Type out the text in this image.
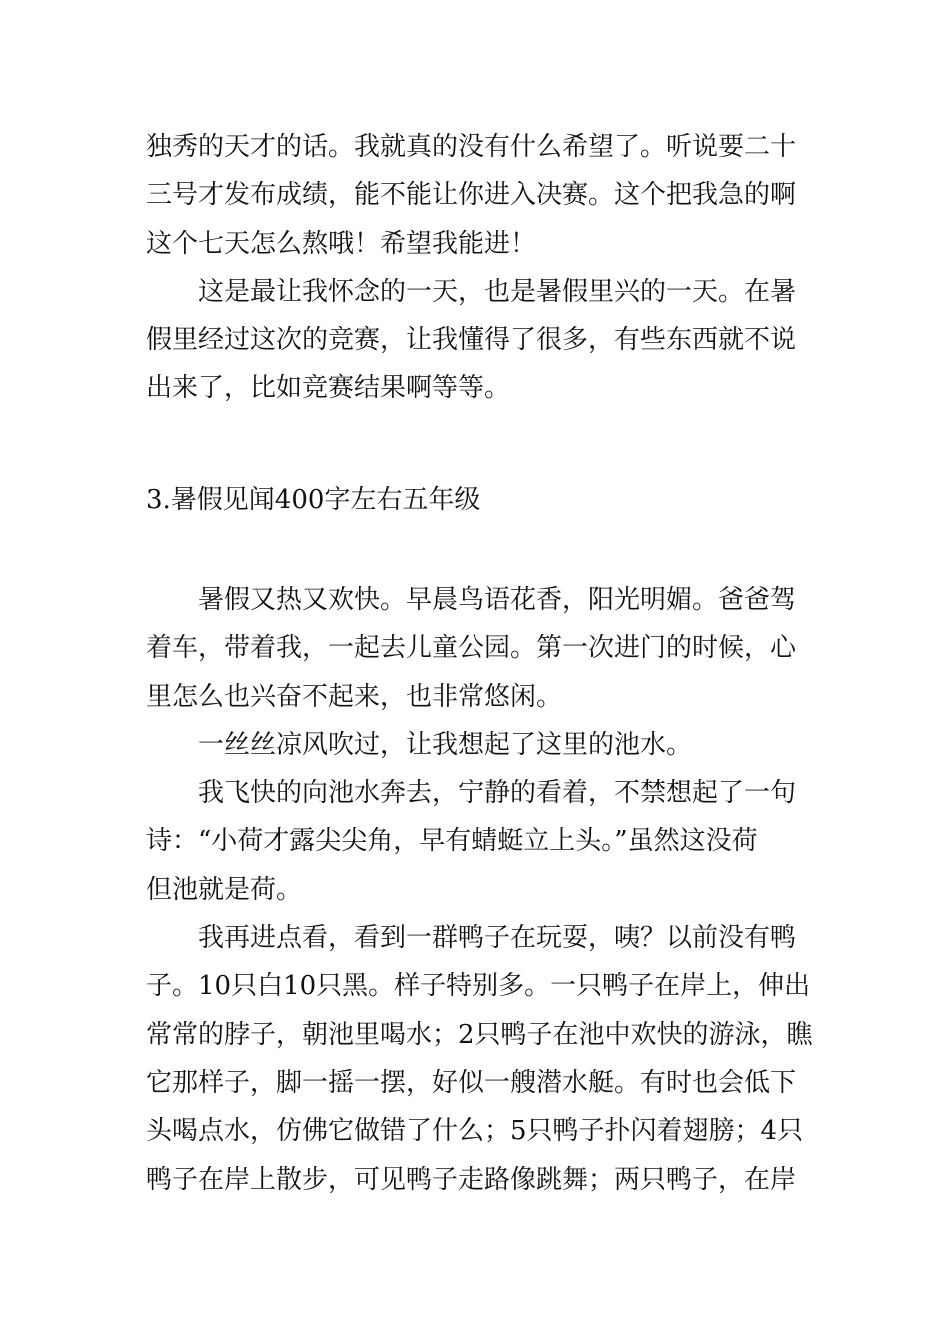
独秀的天才的话。我就真的没有什么希望了。听说要二十
三号才发布成绩，能不能让你进入决赛。这个把我急的啊
这个七天怎么熬哦！希望我能进！
这是最让我怀念的一天，也是暑假里兴的一天。在暑
假里经过这次的竞赛，让我懂得了很多，有些东西就不说
出来了，比如竞赛结果啊等等。
3.暑假见闻400字左右五年级
暑假又热又欢快。早晨鸟语花香，阳光明媚。爸爸驾
着车，带着我，一起去儿童公园。第一次进门的时候，心
里怎么也兴奋不起来，也非常悠闲。
一丝丝凉风吹过，让我想起了这里的池水。
我飞快的向池水奔去，宁静的看着，不禁想起了一句
诗：“小荷才露尖尖角，早有蜻蜓立上头。”虽然这没荷
但池就是荷。
我再进点看，看到一群鸭子在玩耍，咦？以前没有鸭
子。10只白10只黑。样子特别多。一只鸭子在岸上，伸出
常常的脖子，朝池里喝水；2只鸭子在池中欢快的游泳，瞧
它那样子，脚一摇一摆，好似一艘潜水艇。有时也会低下
头喝点水，仿佛它做错了什么；5只鸭子扑闪着翅膀；4只
鸭子在岸上散步，可见鸭子走路像跳舞；两只鸭子，在岸
